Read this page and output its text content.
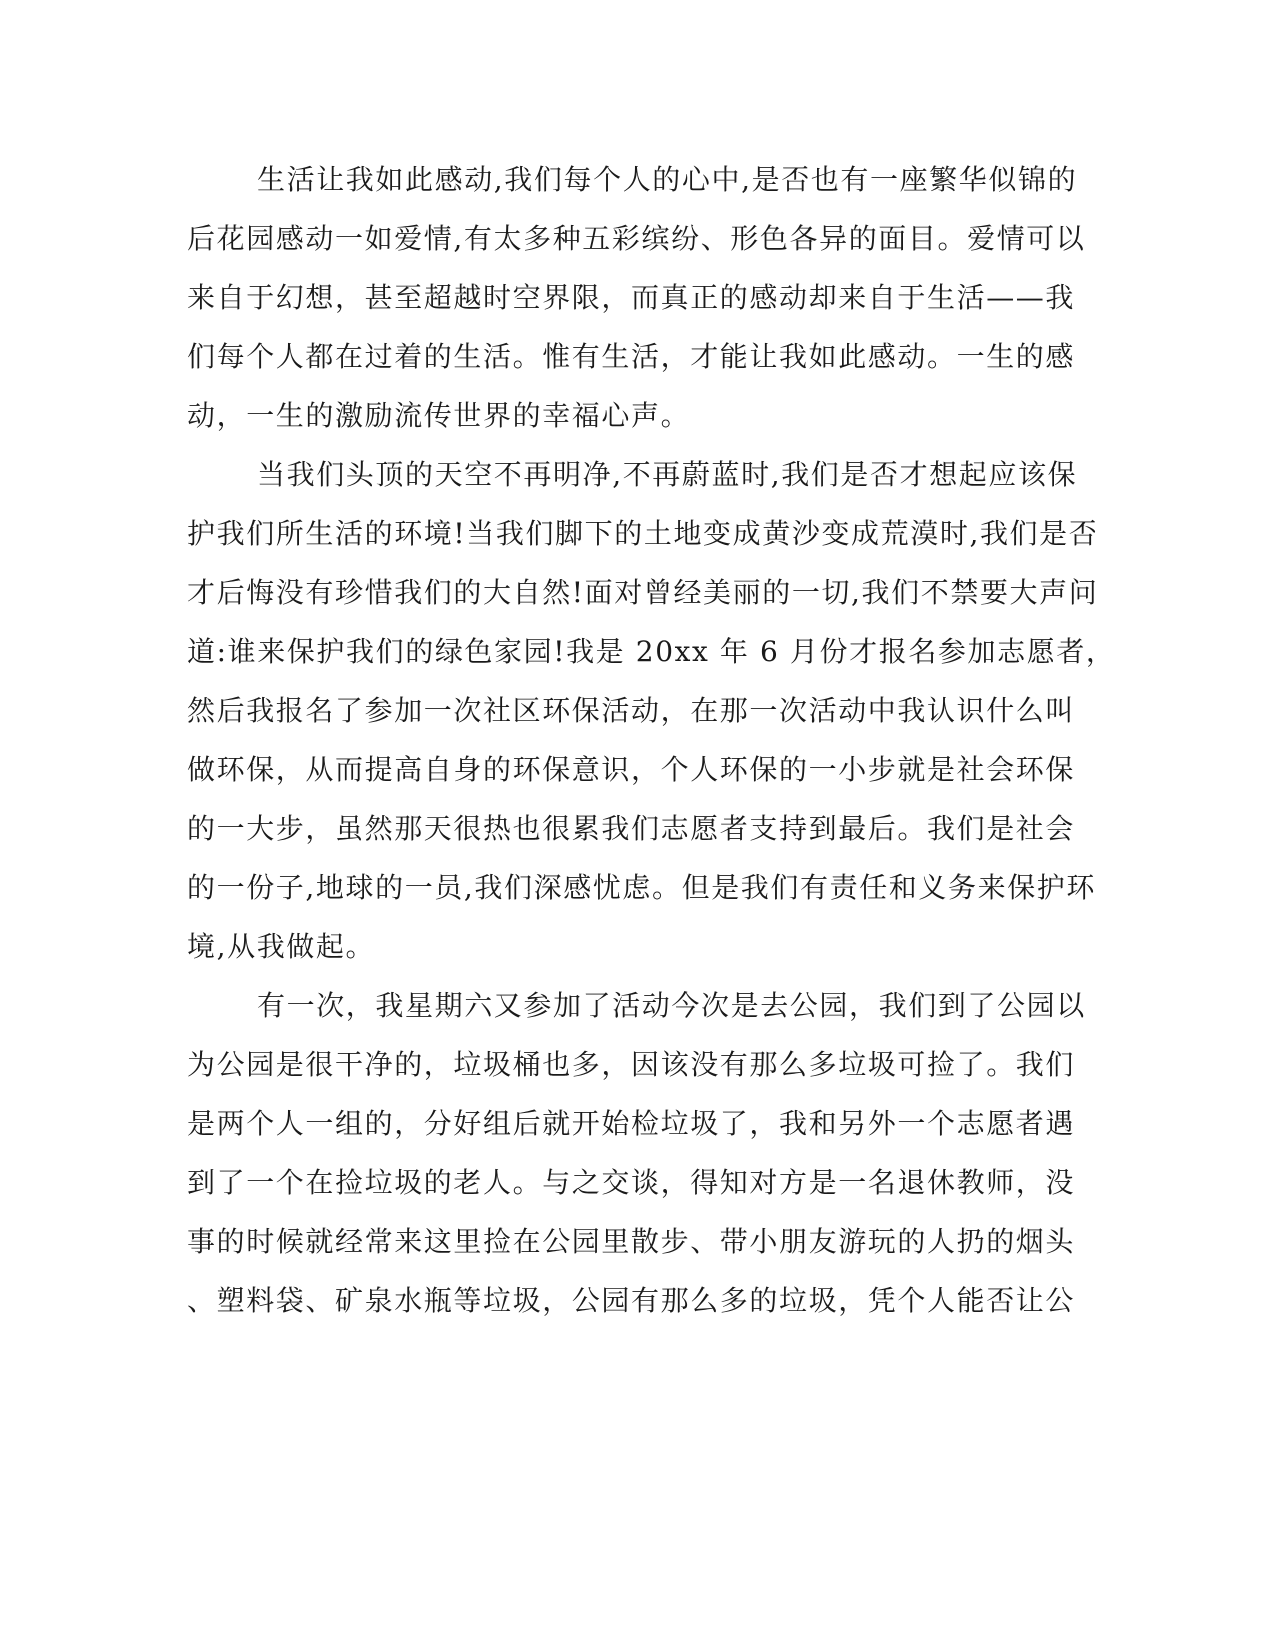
生活让我如此感动,我们每个人的心中,是否也有一座繁华似锦的
后花园感动一如爱情,有太多种五彩缤纷、形色各异的面目。爱情可以
来自于幻想，甚至超越时空界限，而真正的感动却来自于生活——我
们每个人都在过着的生活。惟有生活，才能让我如此感动。一生的感
动，一生的激励流传世界的幸福心声。
当我们头顶的天空不再明净,不再蔚蓝时,我们是否才想起应该保
护我们所生活的环境!当我们脚下的土地变成黄沙变成荒漠时,我们是否
才后悔没有珍惜我们的大自然!面对曾经美丽的一切,我们不禁要大声问
道:谁来保护我们的绿色家园!我是 20xx 年 6 月份才报名参加志愿者，
然后我报名了参加一次社区环保活动，在那一次活动中我认识什么叫
做环保，从而提高自身的环保意识，个人环保的一小步就是社会环保
的一大步，虽然那天很热也很累我们志愿者支持到最后。我们是社会
的一份子,地球的一员,我们深感忧虑。但是我们有责任和义务来保护环
境,从我做起。
有一次，我星期六又参加了活动今次是去公园，我们到了公园以
为公园是很干净的，垃圾桶也多，因该没有那么多垃圾可捡了。我们
是两个人一组的，分好组后就开始检垃圾了，我和另外一个志愿者遇
到了一个在捡垃圾的老人。与之交谈，得知对方是一名退休教师，没
事的时候就经常来这里捡在公园里散步、带小朋友游玩的人扔的烟头
、塑料袋、矿泉水瓶等垃圾，公园有那么多的垃圾，凭个人能否让公
